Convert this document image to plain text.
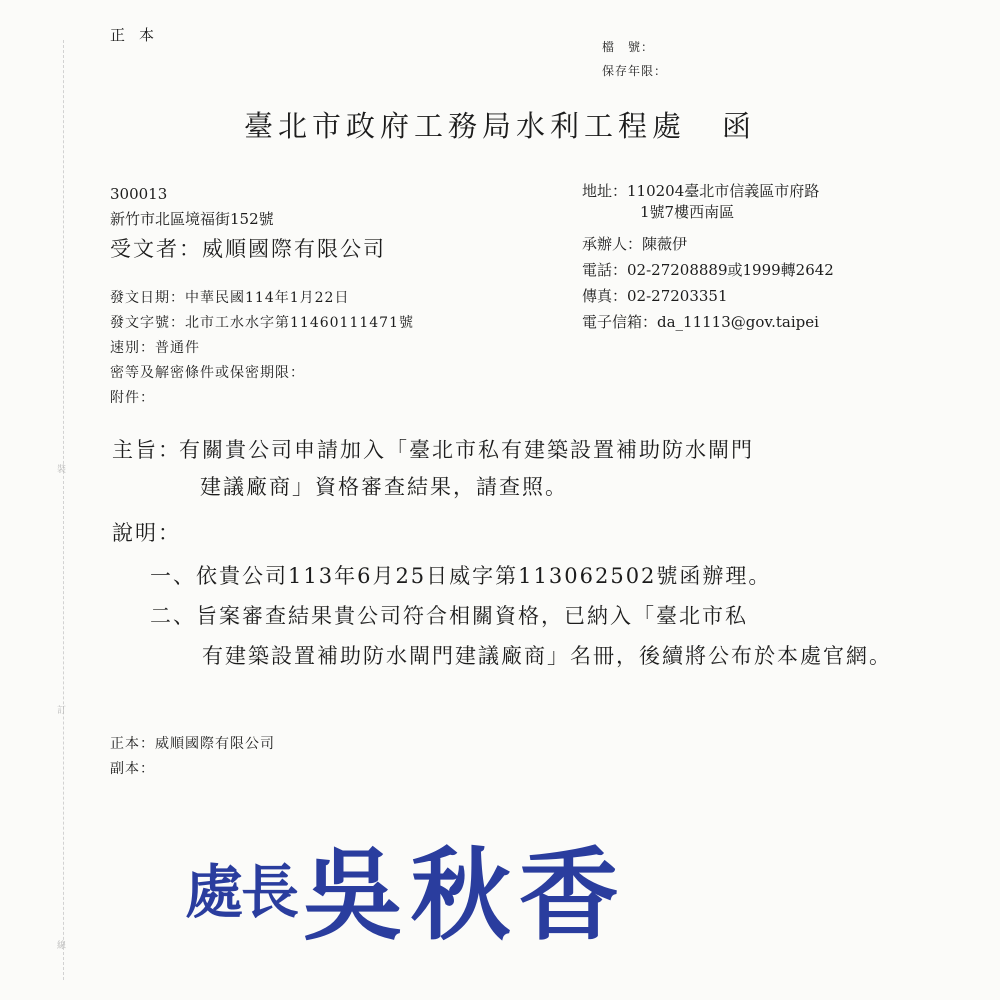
裝
訂
線
正本
檔　號：
保存年限：
臺北市政府工務局水利工程處 函
300013
新竹市北區境福街152號
受文者：威順國際有限公司
發文日期：中華民國114年1月22日
發文字號：北市工水水字第11460111471號
速別：普通件
密等及解密條件或保密期限：
附件：
地址：110204臺北市信義區市府路
1號7樓西南區
承辦人：陳薇伊
電話：02-27208889或1999轉2642
傳真：02-27203351
電子信箱：da_11113@gov.taipei
主旨：有關貴公司申請加入「臺北市私有建築設置補助防水閘門
建議廠商」資格審查結果，請查照。
說明：
一、依貴公司113年6月25日威字第113062502號函辦理。
二、旨案審查結果貴公司符合相關資格，已納入「臺北市私
有建築設置補助防水閘門建議廠商」名冊，後續將公布於本處官網。
正本：威順國際有限公司
副本：
處長 吳秋香
